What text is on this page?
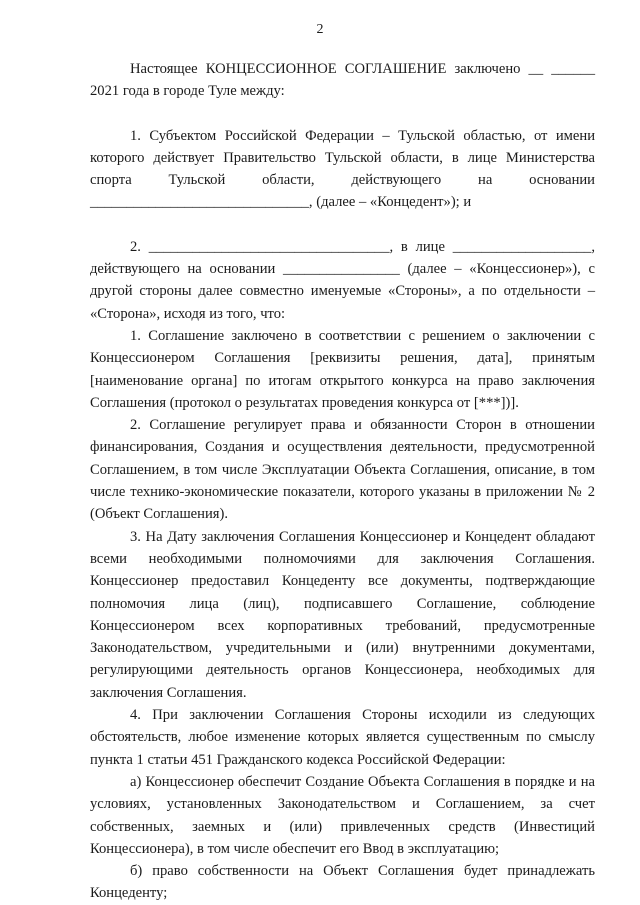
2

Настоящее КОНЦЕССИОННОЕ СОГЛАШЕНИЕ заключено __ ______ 2021 года в городе Туле между:

1. Субъектом Российской Федерации – Тульской областью, от имени которого действует Правительство Тульской области, в лице Министерства спорта Тульской области, действующего на основании ______________________________, (далее – «Концедент»); и

2. _________________________________, в лице ___________________, действующего на основании ________________ (далее – «Концессионер»), с другой стороны далее совместно именуемые «Стороны», а по отдельности – «Сторона», исходя из того, что:

1. Соглашение заключено в соответствии с решением о заключении с Концессионером Соглашения [реквизиты решения, дата], принятым [наименование органа] по итогам открытого конкурса на право заключения Соглашения (протокол о результатах проведения конкурса от [***])].

2. Соглашение регулирует права и обязанности Сторон в отношении финансирования, Создания и осуществления деятельности, предусмотренной Соглашением, в том числе Эксплуатации Объекта Соглашения, описание, в том числе технико-экономические показатели, которого указаны в приложении № 2 (Объект Соглашения).

3. На Дату заключения Соглашения Концессионер и Концедент обладают всеми необходимыми полномочиями для заключения Соглашения. Концессионер предоставил Концеденту все документы, подтверждающие полномочия лица (лиц), подписавшего Соглашение, соблюдение Концессионером всех корпоративных требований, предусмотренные Законодательством, учредительными и (или) внутренними документами, регулирующими деятельность органов Концессионера, необходимых для заключения Соглашения.

4. При заключении Соглашения Стороны исходили из следующих обстоятельств, любое изменение которых является существенным по смыслу пункта 1 статьи 451 Гражданского кодекса Российской Федерации:

а) Концессионер обеспечит Создание Объекта Соглашения в порядке и на условиях, установленных Законодательством и Соглашением, за счет собственных, заемных и (или) привлеченных средств (Инвестиций Концессионера), в том числе обеспечит его Ввод в эксплуатацию;

б) право собственности на Объект Соглашения будет принадлежать Концеденту;
